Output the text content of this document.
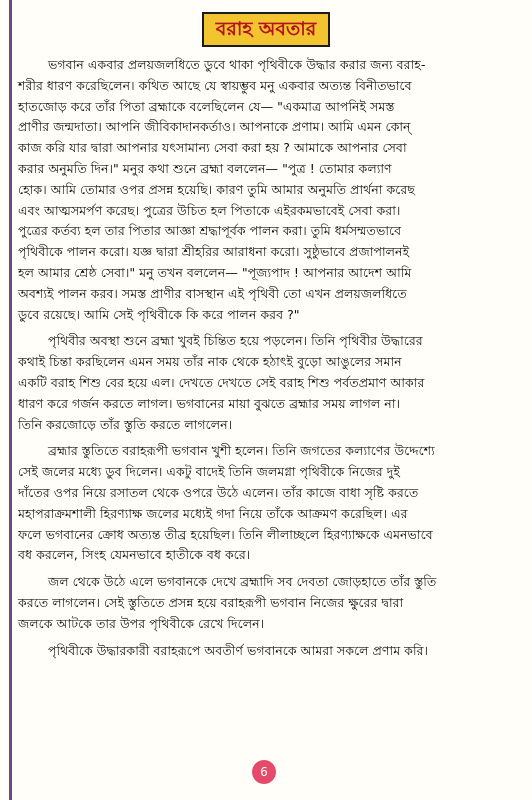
বরাহ অবতার
ভগবান একবার প্রলয়জলধিতে ডুবে থাকা পৃথিবীকে উদ্ধার করার জন্য বরাহ-
শরীর ধারণ করেছিলেন। কথিত আছে যে স্বায়ম্ভুব মনু একবার অত্যন্ত বিনীতভাবে
হাতজোড় করে তাঁর পিতা ব্রহ্মাকে বলেছিলেন যে— "একমাত্র আপনিই সমস্ত
প্রাণীর জন্মদাতা। আপনি জীবিকাদানকর্তাও। আপনাকে প্রণাম। আমি এমন কোন্
কাজ করি যার দ্বারা আপনার যৎসামান্য সেবা করা হয় ? আমাকে আপনার সেবা
করার অনুমতি দিন।" মনুর কথা শুনে ব্রহ্মা বললেন— "পুত্র ! তোমার কল্যাণ
হোক। আমি তোমার ওপর প্রসন্ন হয়েছি। কারণ তুমি আমার অনুমতি প্রার্থনা করেছ
এবং আত্মসমর্পণ করেছ। পুত্রের উচিত হল পিতাকে এইরকমভাবেই সেবা করা।
পুত্রের কর্তব্য হল তার পিতার আজ্ঞা শ্রদ্ধাপূর্বক পালন করা। তুমি ধর্মসম্মতভাবে
পৃথিবীকে পালন করো। যজ্ঞ দ্বারা শ্রীহরির আরাধনা করো। সুষ্ঠুভাবে প্রজাপালনই
হল আমার শ্রেষ্ঠ সেবা।" মনু তখন বললেন— "পূজ্যপাদ ! আপনার আদেশ আমি
অবশ্যই পালন করব। সমস্ত প্রাণীর বাসস্থান এই পৃথিবী তো এখন প্রলয়জলধিতে
ডুবে রয়েছে। আমি সেই পৃথিবীকে কি করে পালন করব ?"
পৃথিবীর অবস্থা শুনে ব্রহ্মা খুবই চিন্তিত হয়ে পড়লেন। তিনি পৃথিবীর উদ্ধারের
কথাই চিন্তা করছিলেন এমন সময় তাঁর নাক থেকে হঠাৎই বুড়ো আঙুলের সমান
একটি বরাহ শিশু বের হয়ে এল। দেখতে দেখতে সেই বরাহ শিশু পর্বতপ্রমাণ আকার
ধারণ করে গর্জন করতে লাগল। ভগবানের মায়া বুঝতে ব্রহ্মার সময় লাগল না।
তিনি করজোড়ে তাঁর স্তুতি করতে লাগলেন।
ব্রহ্মার স্তুতিতে বরাহরূপী ভগবান খুশী হলেন। তিনি জগতের কল্যাণের উদ্দেশ্যে
সেই জলের মধ্যে ডুব দিলেন। একটু বাদেই তিনি জলমগ্না পৃথিবীকে নিজের দুই
দাঁতের ওপর নিয়ে রসাতল থেকে ওপরে উঠে এলেন। তাঁর কাজে বাধা সৃষ্টি করতে
মহাপরাক্রমশালী হিরণ্যাক্ষ জলের মধ্যেই গদা নিয়ে তাঁকে আক্রমণ করেছিল। এর
ফলে ভগবানের ক্রোধ অত্যন্ত তীব্র হয়েছিল। তিনি লীলাচ্ছলে হিরণ্যাক্ষকে এমনভাবে
বধ করলেন, সিংহ যেমনভাবে হাতীকে বধ করে।
জল থেকে উঠে এলে ভগবানকে দেখে ব্রহ্মাদি সব দেবতা জোড়হাতে তাঁর স্তুতি
করতে লাগলেন। সেই স্তুতিতে প্রসন্ন হয়ে বরাহরূপী ভগবান নিজের ক্ষুরের দ্বারা
জলকে আটকে তার উপর পৃথিবীকে রেখে দিলেন।
পৃথিবীকে উদ্ধারকারী বরাহরূপে অবতীর্ণ ভগবানকে আমরা সকলে প্রণাম করি।
6
